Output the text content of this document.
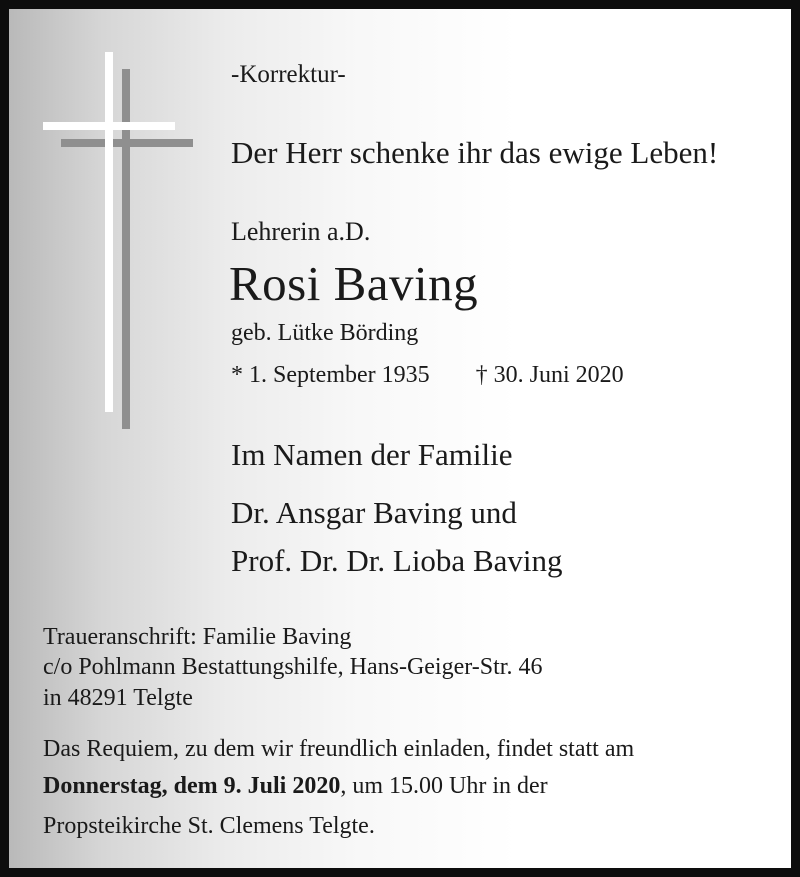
-Korrektur-
Der Herr schenke ihr das ewige Leben!
Lehrerin a.D.
Rosi Baving
geb. Lütke Börding
* 1. September 1935 † 30. Juni 2020
Im Namen der Familie
Dr. Ansgar Baving und
Prof. Dr. Dr. Lioba Baving
Traueranschrift: Familie Baving
c/o Pohlmann Bestattungshilfe, Hans-Geiger-Str. 46
in 48291 Telgte
Das Requiem, zu dem wir freundlich einladen, findet statt am
Donnerstag, dem 9. Juli 2020, um 15.00 Uhr in der
Propsteikirche St. Clemens Telgte.
